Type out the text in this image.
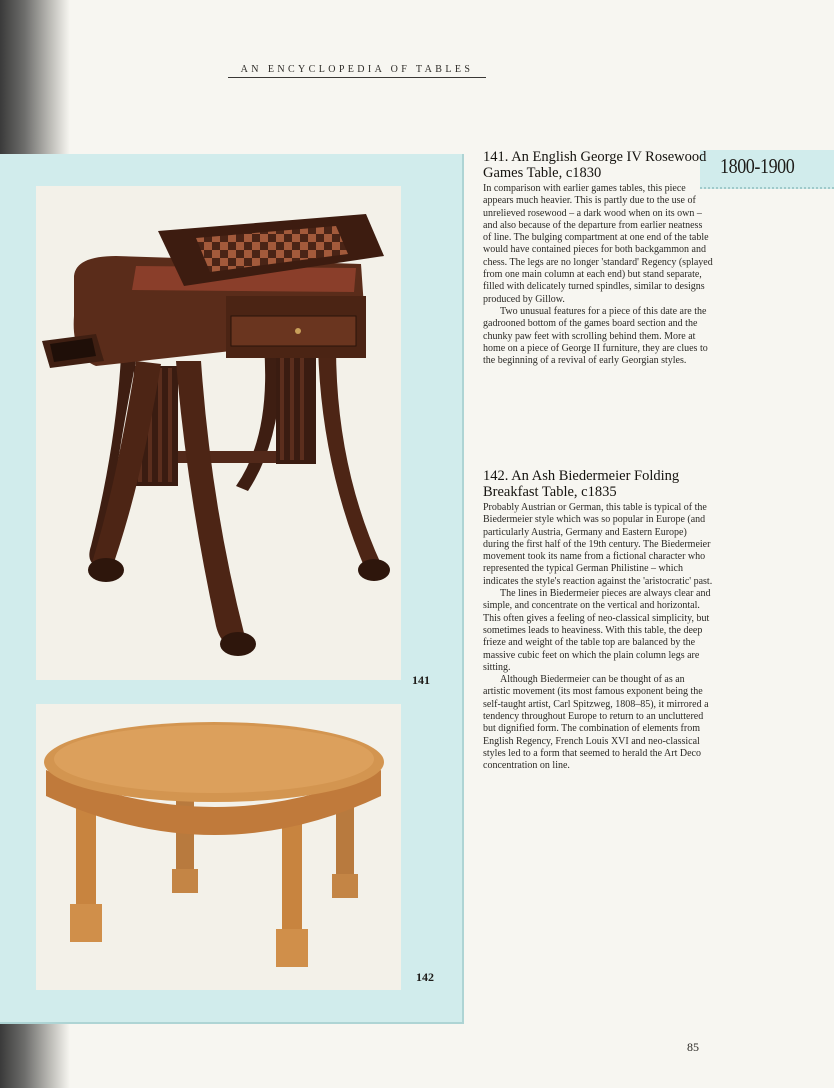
AN ENCYCLOPEDIA OF TABLES
141
142
1800-1900
141. An English George IV Rosewood Games Table, c1830

In comparison with earlier games tables, this piece appears much heavier. This is partly due to the use of unrelieved rosewood – a dark wood when on its own – and also because of the departure from earlier neatness of line. The bulging compartment at one end of the table would have contained pieces for both backgammon and chess. The legs are no longer 'standard' Regency (splayed from one main column at each end) but stand separate, filled with delicately turned spindles, similar to designs produced by Gillow.

Two unusual features for a piece of this date are the gadrooned bottom of the games board section and the chunky paw feet with scrolling behind them. More at home on a piece of George II furniture, they are clues to the beginning of a revival of early Georgian styles.

142. An Ash Biedermeier Folding Breakfast Table, c1835

Probably Austrian or German, this table is typical of the Biedermeier style which was so popular in Europe (and particularly Austria, Germany and Eastern Europe) during the first half of the 19th century. The Biedermeier movement took its name from a fictional character who represented the typical German Philistine – which indicates the style's reaction against the 'aristocratic' past.

The lines in Biedermeier pieces are always clear and simple, and concentrate on the vertical and horizontal. This often gives a feeling of neo-classical simplicity, but sometimes leads to heaviness. With this table, the deep frieze and weight of the table top are balanced by the massive cubic feet on which the plain column legs are sitting.

Although Biedermeier can be thought of as an artistic movement (its most famous exponent being the self-taught artist, Carl Spitzweg, 1808–85), it mirrored a tendency throughout Europe to return to an uncluttered but dignified form. The combination of elements from English Regency, French Louis XVI and neo-classical styles led to a form that seemed to herald the Art Deco concentration on line.

85
